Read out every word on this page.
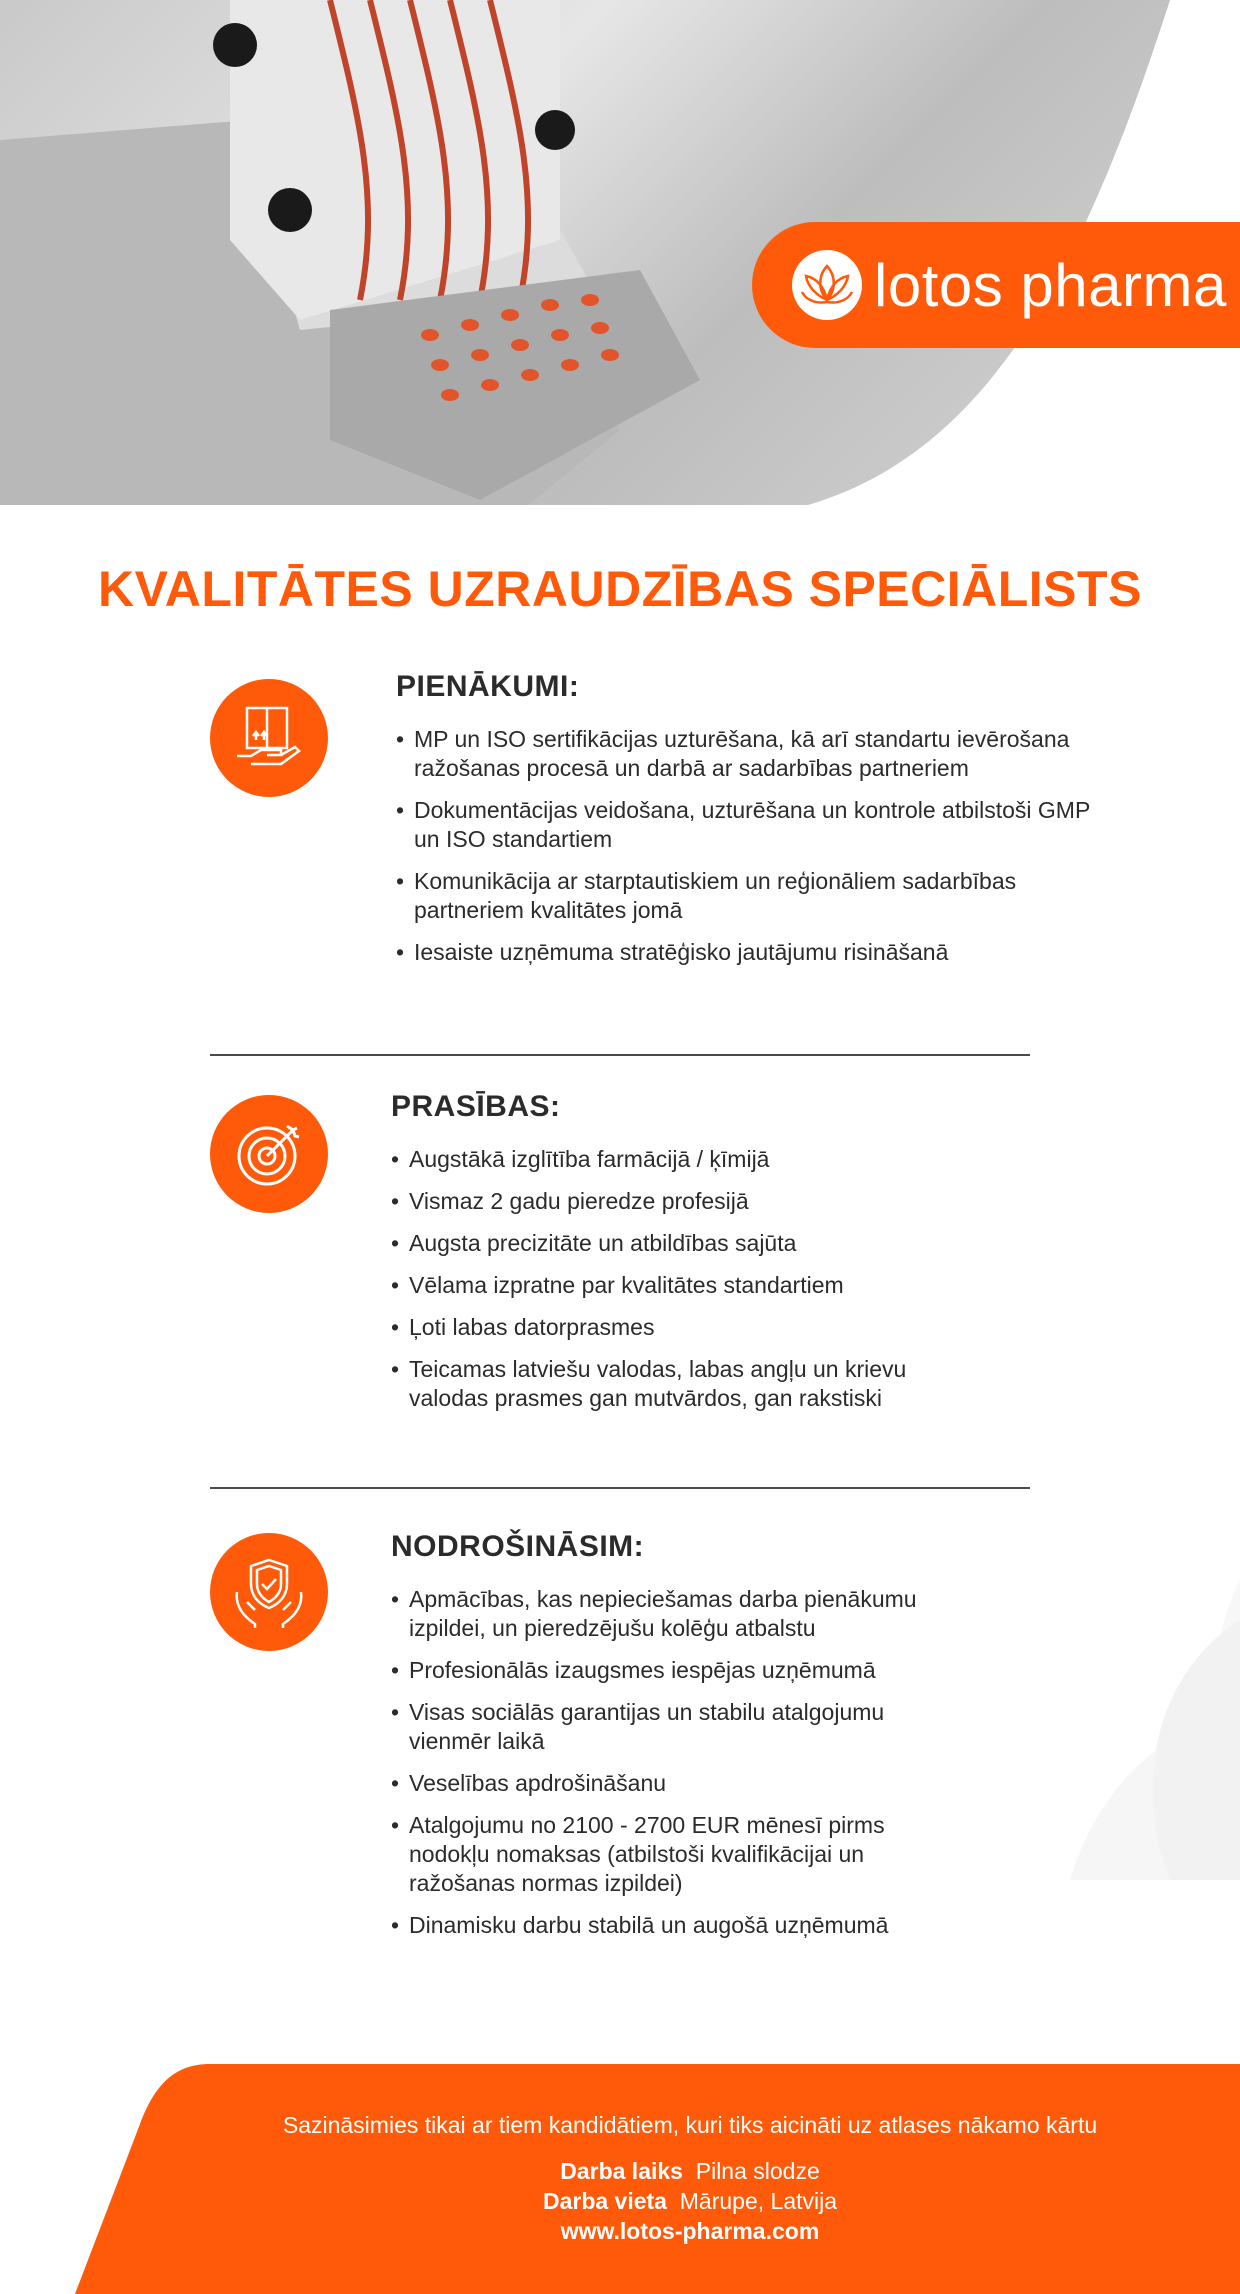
lotos pharma
KVALITĀTES UZRAUDZĪBAS SPECIĀLISTS
PIENĀKUMI:
• MP un ISO sertifikācijas uzturēšana, kā arī standartu ievērošana ražošanas procesā un darbā ar sadarbības partneriem
• Dokumentācijas veidošana, uzturēšana un kontrole atbilstoši GMP un ISO standartiem
• Komunikācija ar starptautiskiem un reģionāliem sadarbības partneriem kvalitātes jomā
• Iesaiste uzņēmuma stratēģisko jautājumu risināšanā
PRASĪBAS:
• Augstākā izglītība farmācijā / ķīmijā
• Vismaz 2 gadu pieredze profesijā
• Augsta precizitāte un atbildības sajūta
• Vēlama izpratne par kvalitātes standartiem
• Ļoti labas datorprasmes
• Teicamas latviešu valodas, labas angļu un krievu valodas prasmes gan mutvārdos, gan rakstiski
NODROŠINĀSIM:
• Apmācības, kas nepieciešamas darba pienākumu izpildei, un pieredzējušu kolēģu atbalstu
• Profesionālās izaugsmes iespējas uzņēmumā
• Visas sociālās garantijas un stabilu atalgojumu vienmēr laikā
• Veselības apdrošināšanu
• Atalgojumu no 2100 - 2700 EUR mēnesī pirms nodokļu nomaksas (atbilstoši kvalifikācijai un ražošanas normas izpildei)
• Dinamisku darbu stabilā un augošā uzņēmumā
Sazināsimies tikai ar tiem kandidātiem, kuri tiks aicināti uz atlases nākamo kārtu
Darba laiks Pilna slodze
Darba vieta Mārupe, Latvija
www.lotos-pharma.com
